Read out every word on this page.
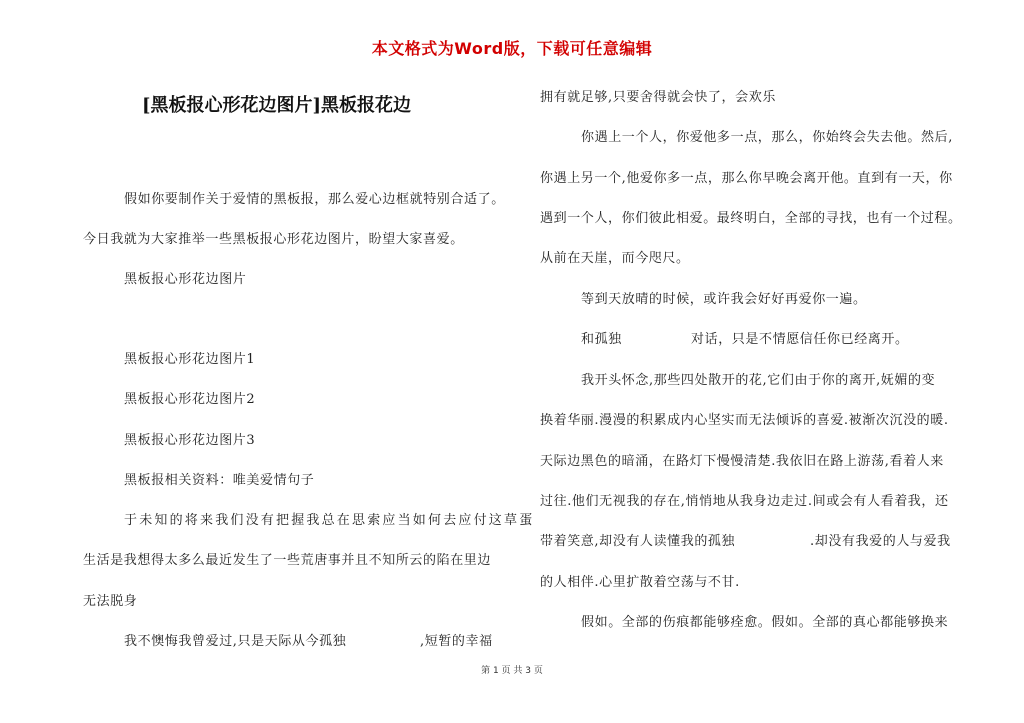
本文格式为Word版，下载可任意编辑
[黑板报心形花边图片]黑板报花边
假如你要制作关于爱情的黑板报，那么爱心边框就特别合适了。
今日我就为大家推举一些黑板报心形花边图片，盼望大家喜爱。
黑板报心形花边图片
黑板报心形花边图片1
黑板报心形花边图片2
黑板报心形花边图片3
黑板报相关资料：唯美爱情句子
于未知的将来我们没有把握我总在思索应当如何去应付这草蛋
生活是我想得太多么最近发生了一些荒唐事并且不知所云的陷在里边
无法脱身
我不懊悔我曾爱过,只是天际从今孤独	,短暂的幸福
拥有就足够,只要舍得就会快了，会欢乐
你遇上一个人，你爱他多一点，那么，你始终会失去他。然后,
你遇上另一个,他爱你多一点，那么你早晚会离开他。直到有一天，你
遇到一个人，你们彼此相爱。最终明白，全部的寻找，也有一个过程。
从前在天崖，而今咫尺。
等到天放晴的时候，或许我会好好再爱你一遍。
和孤独	对话，只是不情愿信任你已经离开。
我开头怀念,那些四处散开的花,它们由于你的离开,妩媚的变
换着华丽.漫漫的积累成内心坚实而无法倾诉的喜爱.被渐次沉没的暖.
天际边黑色的暗涌，在路灯下慢慢清楚.我依旧在路上游荡,看着人来
过往.他们无视我的存在,悄悄地从我身边走过.间或会有人看着我，还
带着笑意,却没有人读懂我的孤独	.却没有我爱的人与爱我
的人相伴.心里扩散着空荡与不甘.
假如。全部的伤痕都能够痊愈。假如。全部的真心都能够换来
第 1 页 共 3 页
